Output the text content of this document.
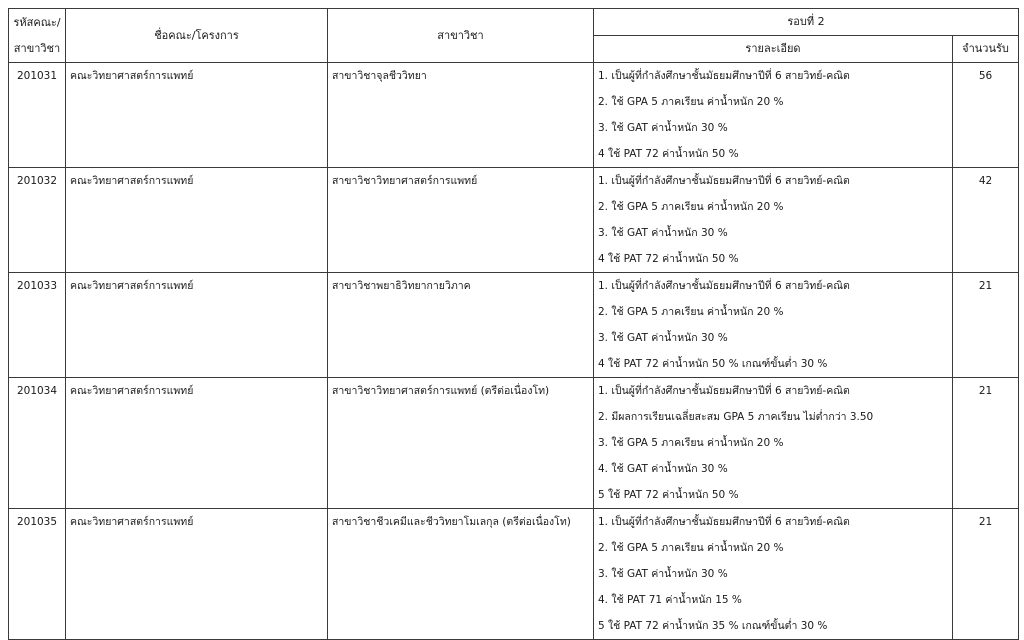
รหัสคณะ/
สาขาวิชา	ชื่อคณะ/โครงการ	สาขาวิชา	รอบที่ 2	
			รายละเอียด	จำนวนรับ
201031	คณะวิทยาศาสตร์การแพทย์	สาขาวิชาจุลชีววิทยา	1. เป็นผู้ที่กำลังศึกษาชั้นมัธยมศึกษาปีที่ 6 สายวิทย์-คณิต
2. ใช้ GPA 5 ภาคเรียน ค่าน้ำหนัก 20 %
3. ใช้ GAT ค่าน้ำหนัก 30 %
4 ใช้ PAT 72 ค่าน้ำหนัก 50 %	56
201032	คณะวิทยาศาสตร์การแพทย์	สาขาวิชาวิทยาศาสตร์การแพทย์	1. เป็นผู้ที่กำลังศึกษาชั้นมัธยมศึกษาปีที่ 6 สายวิทย์-คณิต
2. ใช้ GPA 5 ภาคเรียน ค่าน้ำหนัก 20 %
3. ใช้ GAT ค่าน้ำหนัก 30 %
4 ใช้ PAT 72 ค่าน้ำหนัก 50 %	42
201033	คณะวิทยาศาสตร์การแพทย์	สาขาวิชาพยาธิวิทยากายวิภาค	1. เป็นผู้ที่กำลังศึกษาชั้นมัธยมศึกษาปีที่ 6 สายวิทย์-คณิต
2. ใช้ GPA 5 ภาคเรียน ค่าน้ำหนัก 20 %
3. ใช้ GAT ค่าน้ำหนัก 30 %
4 ใช้ PAT 72 ค่าน้ำหนัก 50 % เกณฑ์ขั้นต่ำ 30 %	21
201034	คณะวิทยาศาสตร์การแพทย์	สาขาวิชาวิทยาศาสตร์การแพทย์ (ตรีต่อเนื่องโท)	1. เป็นผู้ที่กำลังศึกษาชั้นมัธยมศึกษาปีที่ 6 สายวิทย์-คณิต
2. มีผลการเรียนเฉลี่ยสะสม GPA 5 ภาคเรียน ไม่ต่ำกว่า 3.50
3. ใช้ GPA 5 ภาคเรียน ค่าน้ำหนัก 20 %
4. ใช้ GAT ค่าน้ำหนัก 30 %
5 ใช้ PAT 72 ค่าน้ำหนัก 50 %	21
201035	คณะวิทยาศาสตร์การแพทย์	สาขาวิชาชีวเคมีและชีววิทยาโมเลกุล (ตรีต่อเนื่องโท)	1. เป็นผู้ที่กำลังศึกษาชั้นมัธยมศึกษาปีที่ 6 สายวิทย์-คณิต
2. ใช้ GPA 5 ภาคเรียน ค่าน้ำหนัก 20 %
3. ใช้ GAT ค่าน้ำหนัก 30 %
4. ใช้ PAT 71 ค่าน้ำหนัก 15 %
5 ใช้ PAT 72 ค่าน้ำหนัก 35 % เกณฑ์ขั้นต่ำ 30 %	21
